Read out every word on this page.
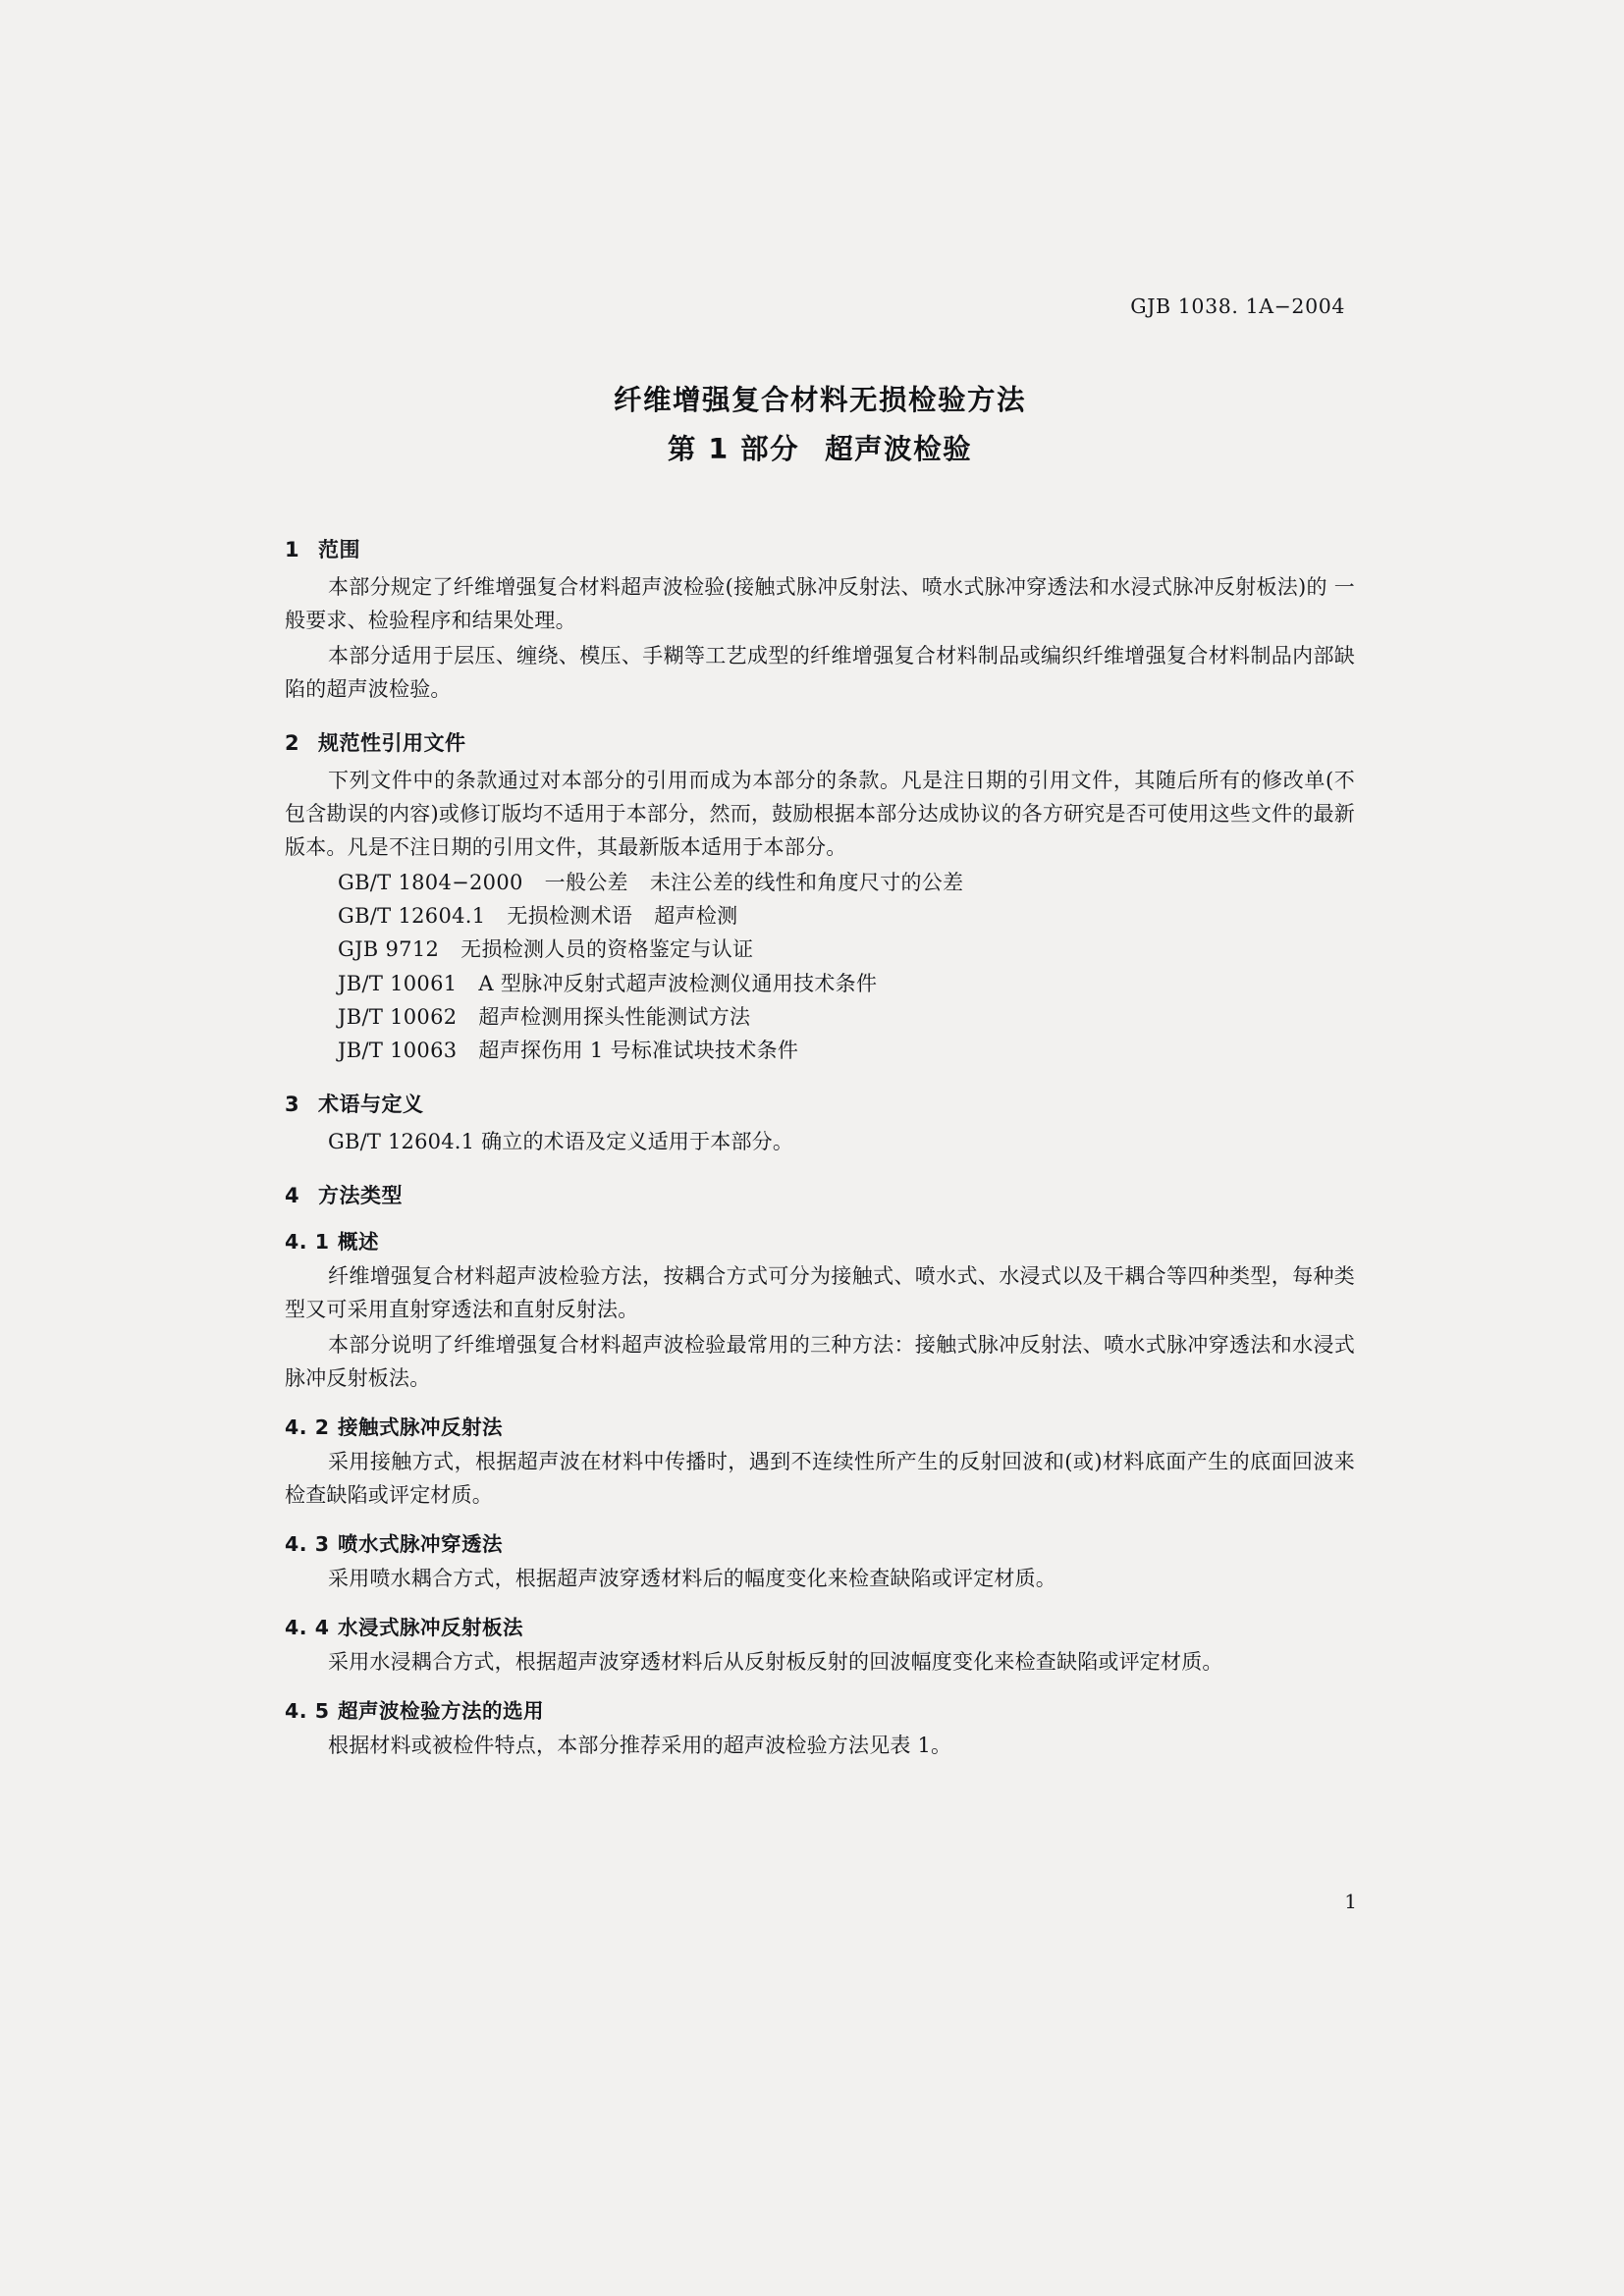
GJB 1038. 1A−2004
纤维增强复合材料无损检验方法
第 1 部分 超声波检验
1 范围

本部分规定了纤维增强复合材料超声波检验(接触式脉冲反射法、喷水式脉冲穿透法和水浸式脉冲反射板法)的 一般要求、检验程序和结果处理。

本部分适用于层压、缠绕、模压、手糊等工艺成型的纤维增强复合材料制品或编织纤维增强复合材料制品内部缺陷的超声波检验。

2 规范性引用文件

下列文件中的条款通过对本部分的引用而成为本部分的条款。凡是注日期的引用文件，其随后所有的修改单(不包含勘误的内容)或修订版均不适用于本部分，然而，鼓励根据本部分达成协议的各方研究是否可使用这些文件的最新版本。凡是不注日期的引用文件，其最新版本适用于本部分。

GB/T 1804−2000 一般公差 未注公差的线性和角度尺寸的公差

GB/T 12604.1 无损检测术语 超声检测

GJB 9712 无损检测人员的资格鉴定与认证

JB/T 10061 A 型脉冲反射式超声波检测仪通用技术条件

JB/T 10062 超声检测用探头性能测试方法

JB/T 10063 超声探伤用 1 号标准试块技术条件

3 术语与定义

GB/T 12604.1 确立的术语及定义适用于本部分。

4 方法类型
4. 1 概述

纤维增强复合材料超声波检验方法，按耦合方式可分为接触式、喷水式、水浸式以及干耦合等四种类型，每种类型又可采用直射穿透法和直射反射法。

本部分说明了纤维增强复合材料超声波检验最常用的三种方法：接触式脉冲反射法、喷水式脉冲穿透法和水浸式脉冲反射板法。

4. 2 接触式脉冲反射法

采用接触方式，根据超声波在材料中传播时，遇到不连续性所产生的反射回波和(或)材料底面产生的底面回波来检查缺陷或评定材质。

4. 3 喷水式脉冲穿透法

采用喷水耦合方式，根据超声波穿透材料后的幅度变化来检查缺陷或评定材质。

4. 4 水浸式脉冲反射板法

采用水浸耦合方式，根据超声波穿透材料后从反射板反射的回波幅度变化来检查缺陷或评定材质。

4. 5 超声波检验方法的选用

根据材料或被检件特点，本部分推荐采用的超声波检验方法见表 1。

1
